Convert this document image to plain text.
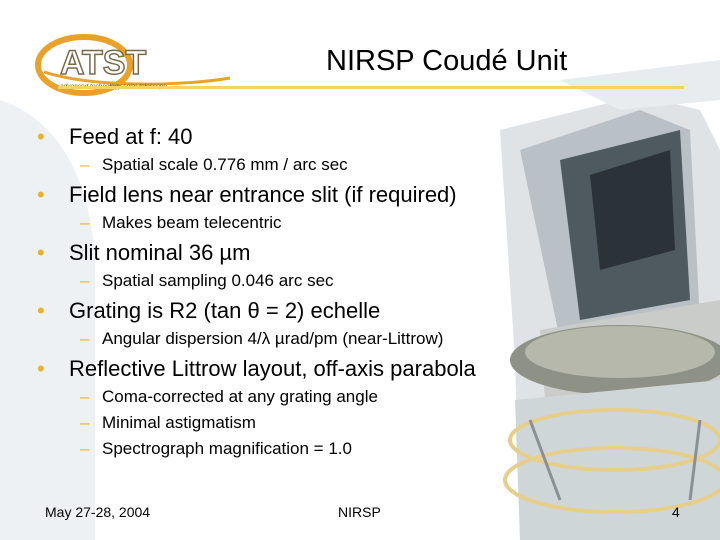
ATST	NIRSP Coudé Unit
• Feed at f: 40
– Spatial scale 0.776 mm / arc sec
• Field lens near entrance slit (if required)
– Makes beam telecentric
• Slit nominal 36 µm
– Spatial sampling 0.046 arc sec
• Grating is R2 (tan θ = 2) echelle
– Angular dispersion 4/λ µrad/pm (near-Littrow)
• Reflective Littrow layout, off-axis parabola
– Coma-corrected at any grating angle
– Minimal astigmatism
– Spectrograph magnification = 1.0
May 27-28, 2004	NIRSP	4
